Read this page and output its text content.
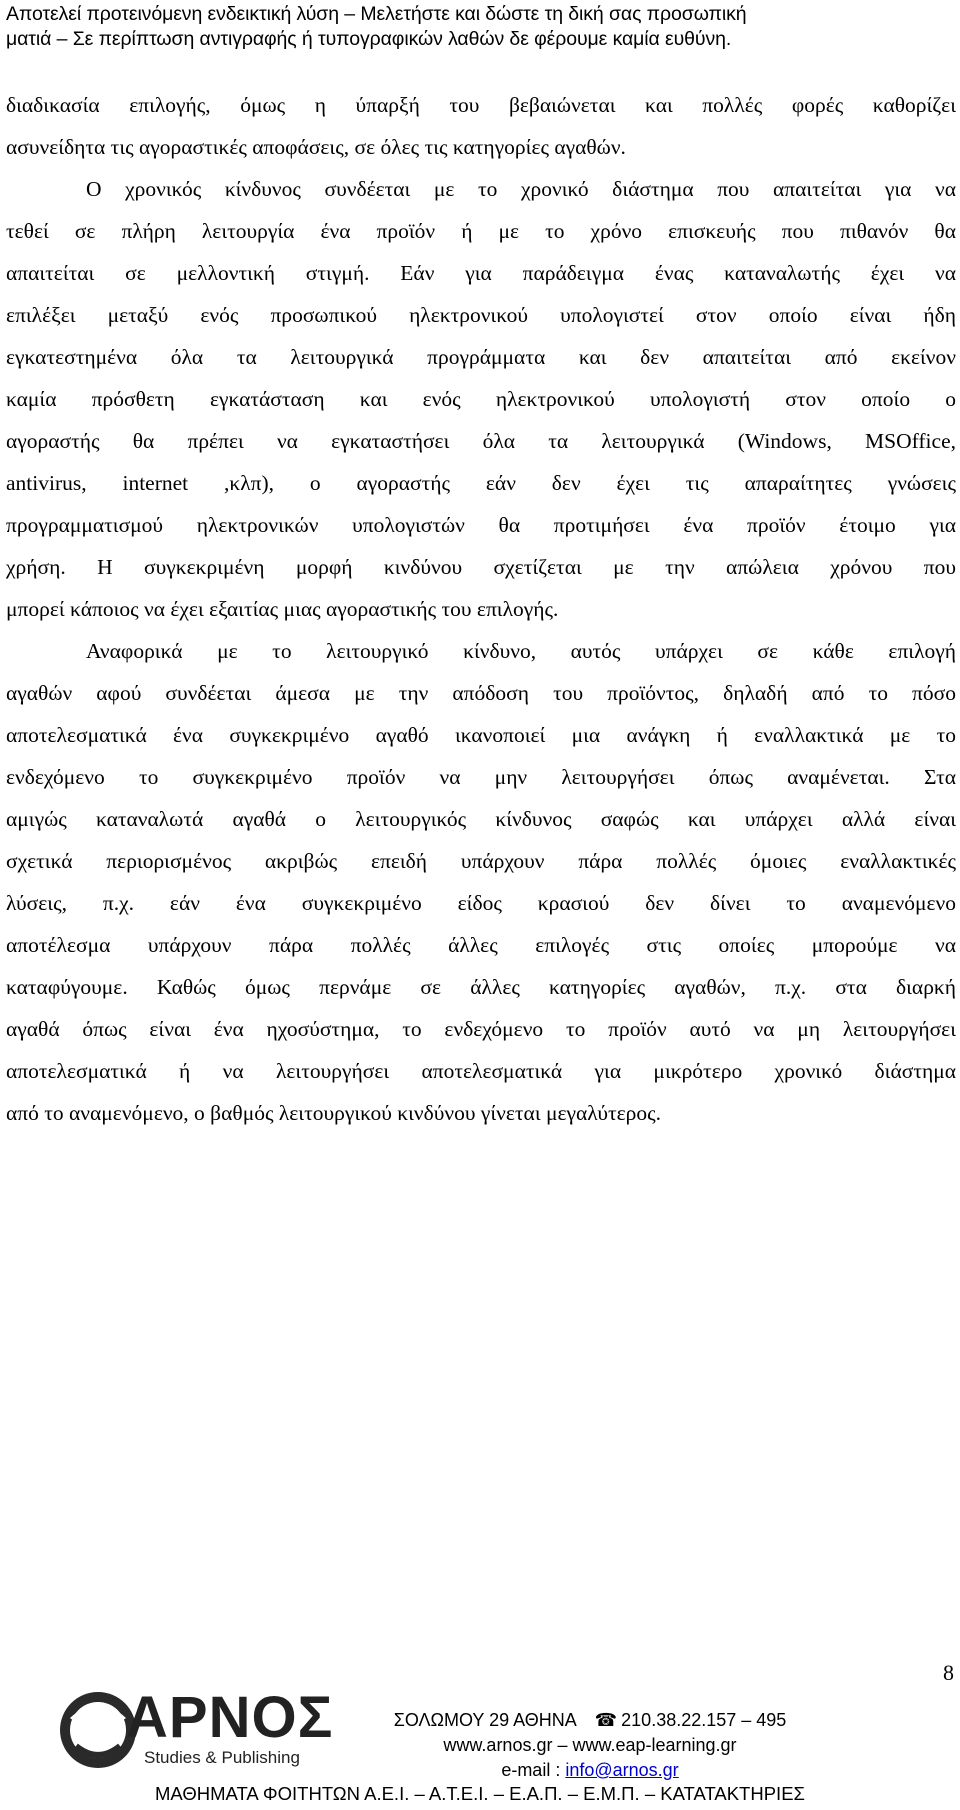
Αποτελεί προτεινόμενη ενδεικτική λύση – Μελετήστε και δώστε τη δική σας προσωπική
ματιά – Σε περίπτωση αντιγραφής ή τυπογραφικών λαθών δε φέρουμε καμία ευθύνη.
διαδικασία επιλογής, όμως η ύπαρξή του βεβαιώνεται και πολλές φορές καθορίζει
ασυνείδητα τις αγοραστικές αποφάσεις, σε όλες τις κατηγορίες αγαθών.
Ο χρονικός κίνδυνος συνδέεται με το χρονικό διάστημα που απαιτείται για να
τεθεί σε πλήρη λειτουργία ένα προϊόν ή με το χρόνο επισκευής που πιθανόν θα
απαιτείται σε μελλοντική στιγμή. Εάν για παράδειγμα ένας καταναλωτής έχει να
επιλέξει μεταξύ ενός προσωπικού ηλεκτρονικού υπολογιστεί στον οποίο είναι ήδη
εγκατεστημένα όλα τα λειτουργικά προγράμματα και δεν απαιτείται από εκείνον
καμία πρόσθετη εγκατάσταση και ενός ηλεκτρονικού υπολογιστή στον οποίο ο
αγοραστής θα πρέπει να εγκαταστήσει όλα τα λειτουργικά (Windows, MSOffice,
antivirus, internet ,κλπ), ο αγοραστής εάν δεν έχει τις απαραίτητες γνώσεις
προγραμματισμού ηλεκτρονικών υπολογιστών θα προτιμήσει ένα προϊόν έτοιμο για
χρήση. Η συγκεκριμένη μορφή κινδύνου σχετίζεται με την απώλεια χρόνου που
μπορεί κάποιος να έχει εξαιτίας μιας αγοραστικής του επιλογής.
Αναφορικά με το λειτουργικό κίνδυνο, αυτός υπάρχει σε κάθε επιλογή
αγαθών αφού συνδέεται άμεσα με την απόδοση του προϊόντος, δηλαδή από το πόσο
αποτελεσματικά ένα συγκεκριμένο αγαθό ικανοποιεί μια ανάγκη ή εναλλακτικά με το
ενδεχόμενο το συγκεκριμένο προϊόν να μην λειτουργήσει όπως αναμένεται. Στα
αμιγώς καταναλωτά αγαθά ο λειτουργικός κίνδυνος σαφώς και υπάρχει αλλά είναι
σχετικά περιορισμένος ακριβώς επειδή υπάρχουν πάρα πολλές όμοιες εναλλακτικές
λύσεις, π.χ. εάν ένα συγκεκριμένο είδος κρασιού δεν δίνει το αναμενόμενο
αποτέλεσμα υπάρχουν πάρα πολλές άλλες επιλογές στις οποίες μπορούμε να
καταφύγουμε. Καθώς όμως περνάμε σε άλλες κατηγορίες αγαθών, π.χ. στα διαρκή
αγαθά όπως είναι ένα ηχοσύστημα, το ενδεχόμενο το προϊόν αυτό να μη λειτουργήσει
αποτελεσματικά ή να λειτουργήσει αποτελεσματικά για μικρότερο χρονικό διάστημα
από το αναμενόμενο, ο βαθμός λειτουργικού κινδύνου γίνεται μεγαλύτερος.
8
ΑΡΝΟΣ
Studies & Publishing
ΣΟΛΩΜΟΥ 29 ΑΘΗΝΑ ☎ 210.38.22.157 – 495
www.arnos.gr – www.eap-learning.gr
e-mail : info@arnos.gr
ΜΑΘΗΜΑΤΑ ΦΟΙΤΗΤΩΝ Α.Ε.Ι. – Α.Τ.Ε.Ι. – Ε.Α.Π. – Ε.Μ.Π. – ΚΑΤΑΤΑΚΤΗΡΙΕΣ
